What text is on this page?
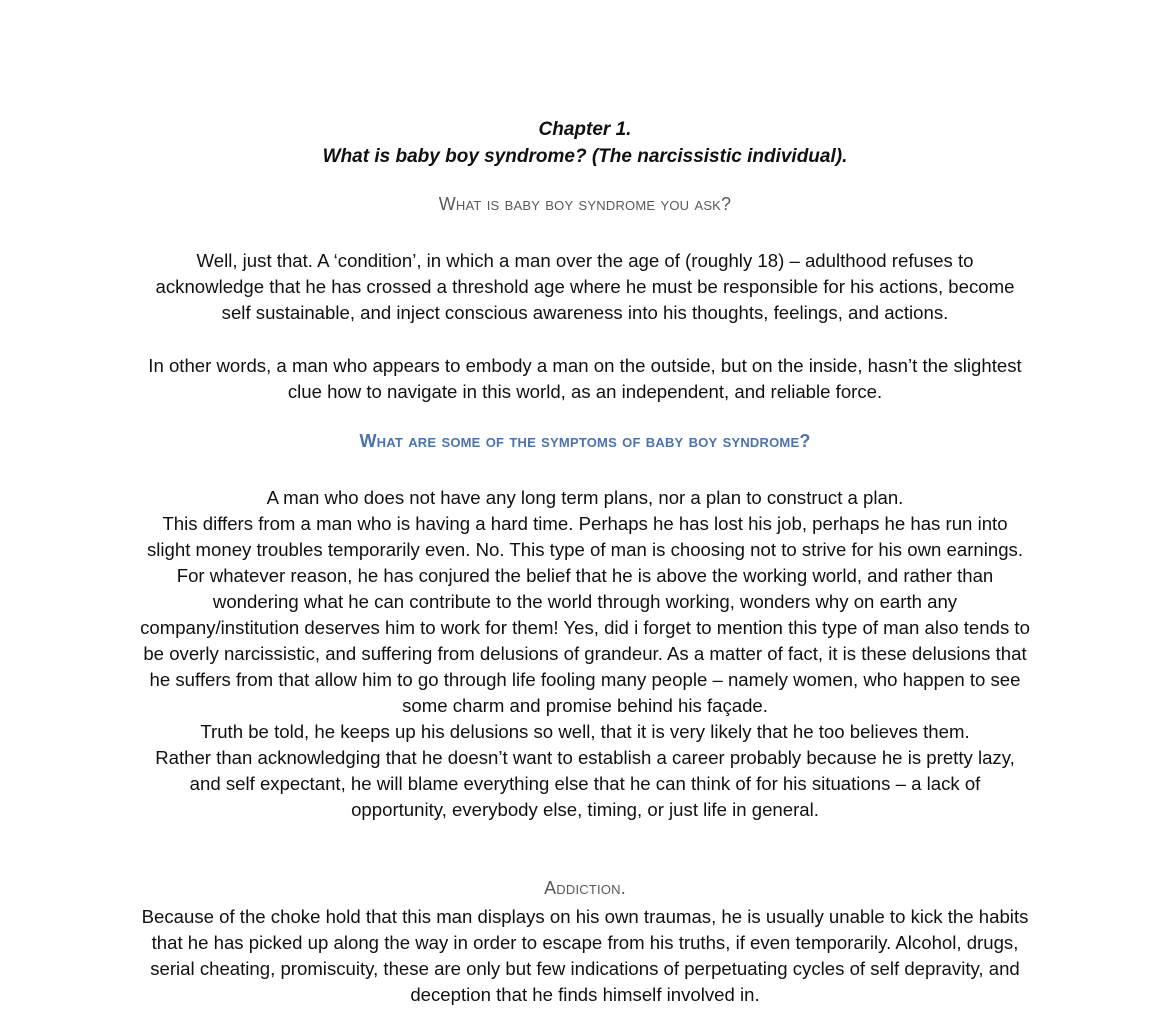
Chapter 1.
What is baby boy syndrome? (The narcissistic individual).
What is baby boy syndrome you ask?

Well, just that. A ‘condition’, in which a man over the age of (roughly 18) – adulthood refuses to acknowledge that he has crossed a threshold age where he must be responsible for his actions, become self sustainable, and inject conscious awareness into his thoughts, feelings, and actions.

In other words, a man who appears to embody a man on the outside, but on the inside, hasn’t the slightest clue how to navigate in this world, as an independent, and reliable force.

What are some of the symptoms of baby boy syndrome?

A man who does not have any long term plans, nor a plan to construct a plan.

This differs from a man who is having a hard time. Perhaps he has lost his job, perhaps he has run into slight money troubles temporarily even. No. This type of man is choosing not to strive for his own earnings. For whatever reason, he has conjured the belief that he is above the working world, and rather than wondering what he can contribute to the world through working, wonders why on earth any company/institution deserves him to work for them! Yes, did i forget to mention this type of man also tends to be overly narcissistic, and suffering from delusions of grandeur. As a matter of fact, it is these delusions that he suffers from that allow him to go through life fooling many people – namely women, who happen to see some charm and promise behind his façade.

Truth be told, he keeps up his delusions so well, that it is very likely that he too believes them.

Rather than acknowledging that he doesn’t want to establish a career probably because he is pretty lazy, and self expectant, he will blame everything else that he can think of for his situations – a lack of opportunity, everybody else, timing, or just life in general.

Addiction.

Because of the choke hold that this man displays on his own traumas, he is usually unable to kick the habits that he has picked up along the way in order to escape from his truths, if even temporarily. Alcohol, drugs, serial cheating, promiscuity, these are only but few indications of perpetuating cycles of self depravity, and deception that he finds himself involved in.
